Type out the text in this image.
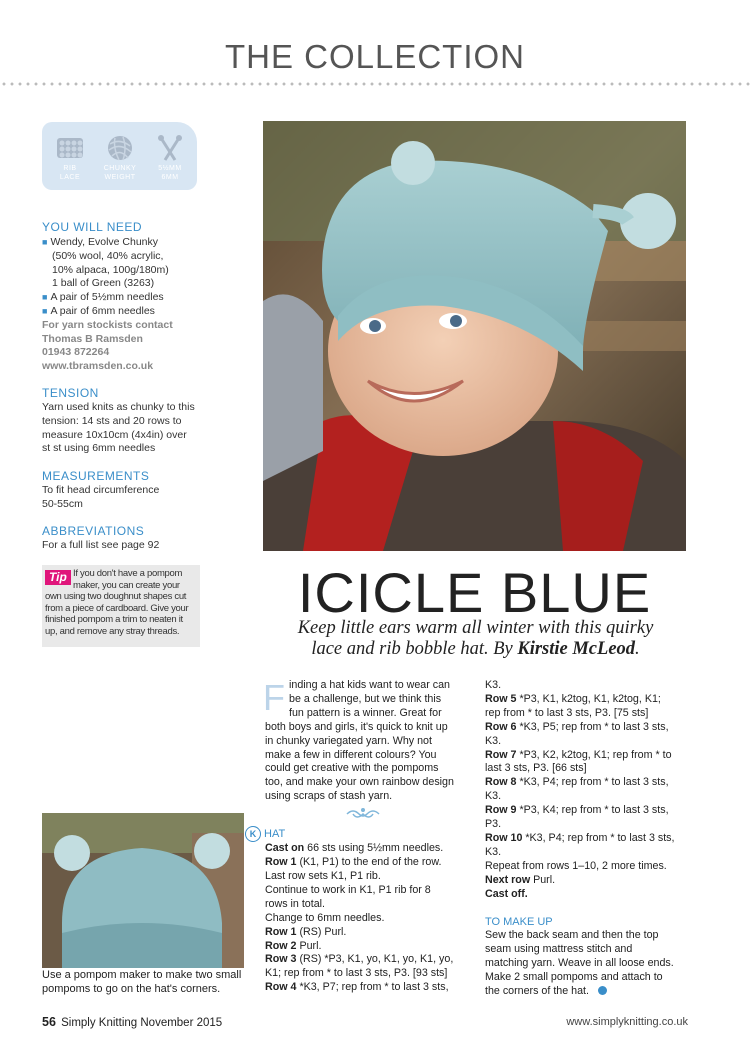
THE COLLECTION
RIB
LACE
CHUNKY
WEIGHT
5½MM
6MM
YOU WILL NEED
■ Wendy, Evolve Chunky
(50% wool, 40% acrylic,
10% alpaca, 100g/180m)
1 ball of Green (3263)
■ A pair of 5½mm needles
■ A pair of 6mm needles
For yarn stockists contact
Thomas B Ramsden
01943 872264
www.tbramsden.co.uk
TENSION
Yarn used knits as chunky to this
tension: 14 sts and 20 rows to
measure 10x10cm (4x4in) over
st st using 6mm needles
MEASUREMENTS
To fit head circumference
50-55cm
ABBREVIATIONS
For a full list see page 92
Tip If you don't have a pompom
maker, you can create your
own using two doughnut shapes cut
from a piece of cardboard. Give your
finished pompom a trim to neaten it
up, and remove any stray threads.
ICICLE BLUE
Keep little ears warm all winter with this quirky
lace and rib bobble hat. By Kirstie McLeod.
Use a pompom maker to make two small
pompoms to go on the hat's corners.
F inding a hat kids want to wear can
be a challenge, but we think this
fun pattern is a winner. Great for
both boys and girls, it's quick to knit up
in chunky variegated yarn. Why not
make a few in different colours? You
could get creative with the pompoms
too, and make your own rainbow design
using scraps of stash yarn.
K HAT
Cast on 66 sts using 5½mm needles.
Row 1 (K1, P1) to the end of the row.
Last row sets K1, P1 rib.
Continue to work in K1, P1 rib for 8
rows in total.
Change to 6mm needles.
Row 1 (RS) Purl.
Row 2 Purl.
Row 3 (RS) *P3, K1, yo, K1, yo, K1, yo,
K1; rep from * to last 3 sts, P3. [93 sts]
Row 4 *K3, P7; rep from * to last 3 sts,
K3.
Row 5 *P3, K1, k2tog, K1, k2tog, K1;
rep from * to last 3 sts, P3. [75 sts]
Row 6 *K3, P5; rep from * to last 3 sts,
K3.
Row 7 *P3, K2, k2tog, K1; rep from * to
last 3 sts, P3. [66 sts]
Row 8 *K3, P4; rep from * to last 3 sts,
K3.
Row 9 *P3, K4; rep from * to last 3 sts,
P3.
Row 10 *K3, P4; rep from * to last 3 sts,
K3.
Repeat from rows 1–10, 2 more times.
Next row Purl.
Cast off.
TO MAKE UP
Sew the back seam and then the top
seam using mattress stitch and
matching yarn. Weave in all loose ends.
Make 2 small pompoms and attach to
the corners of the hat.
56 Simply Knitting November 2015	www.simplyknitting.co.uk
